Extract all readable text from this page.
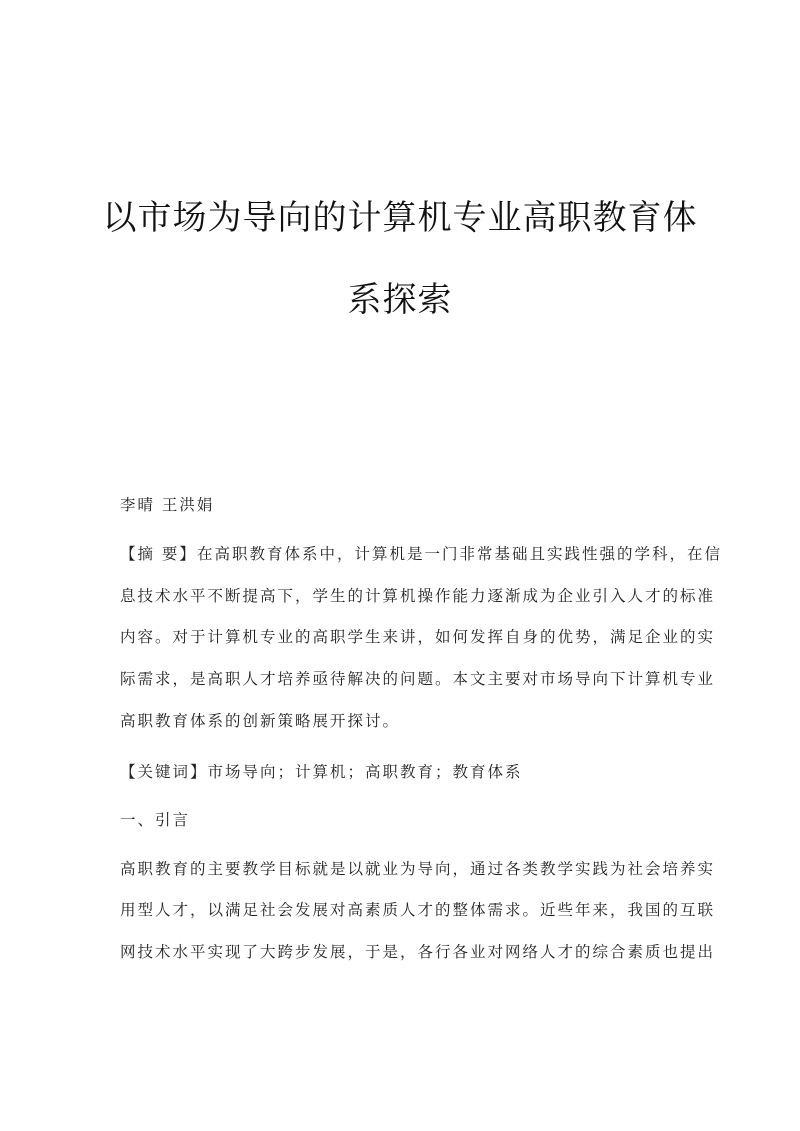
以市场为导向的计算机专业高职教育体
系探索
李晴 王洪娟
【摘 要】在高职教育体系中，计算机是一门非常基础且实践性强的学科，在信
息技术水平不断提高下，学生的计算机操作能力逐渐成为企业引入人才的标准
内容。对于计算机专业的高职学生来讲，如何发挥自身的优势，满足企业的实
际需求，是高职人才培养亟待解决的问题。本文主要对市场导向下计算机专业
高职教育体系的创新策略展开探讨。
【关键词】市场导向；计算机；高职教育；教育体系
一、引言
高职教育的主要教学目标就是以就业为导向，通过各类教学实践为社会培养实
用型人才，以满足社会发展对高素质人才的整体需求。近些年来，我国的互联
网技术水平实现了大跨步发展，于是，各行各业对网络人才的综合素质也提出
